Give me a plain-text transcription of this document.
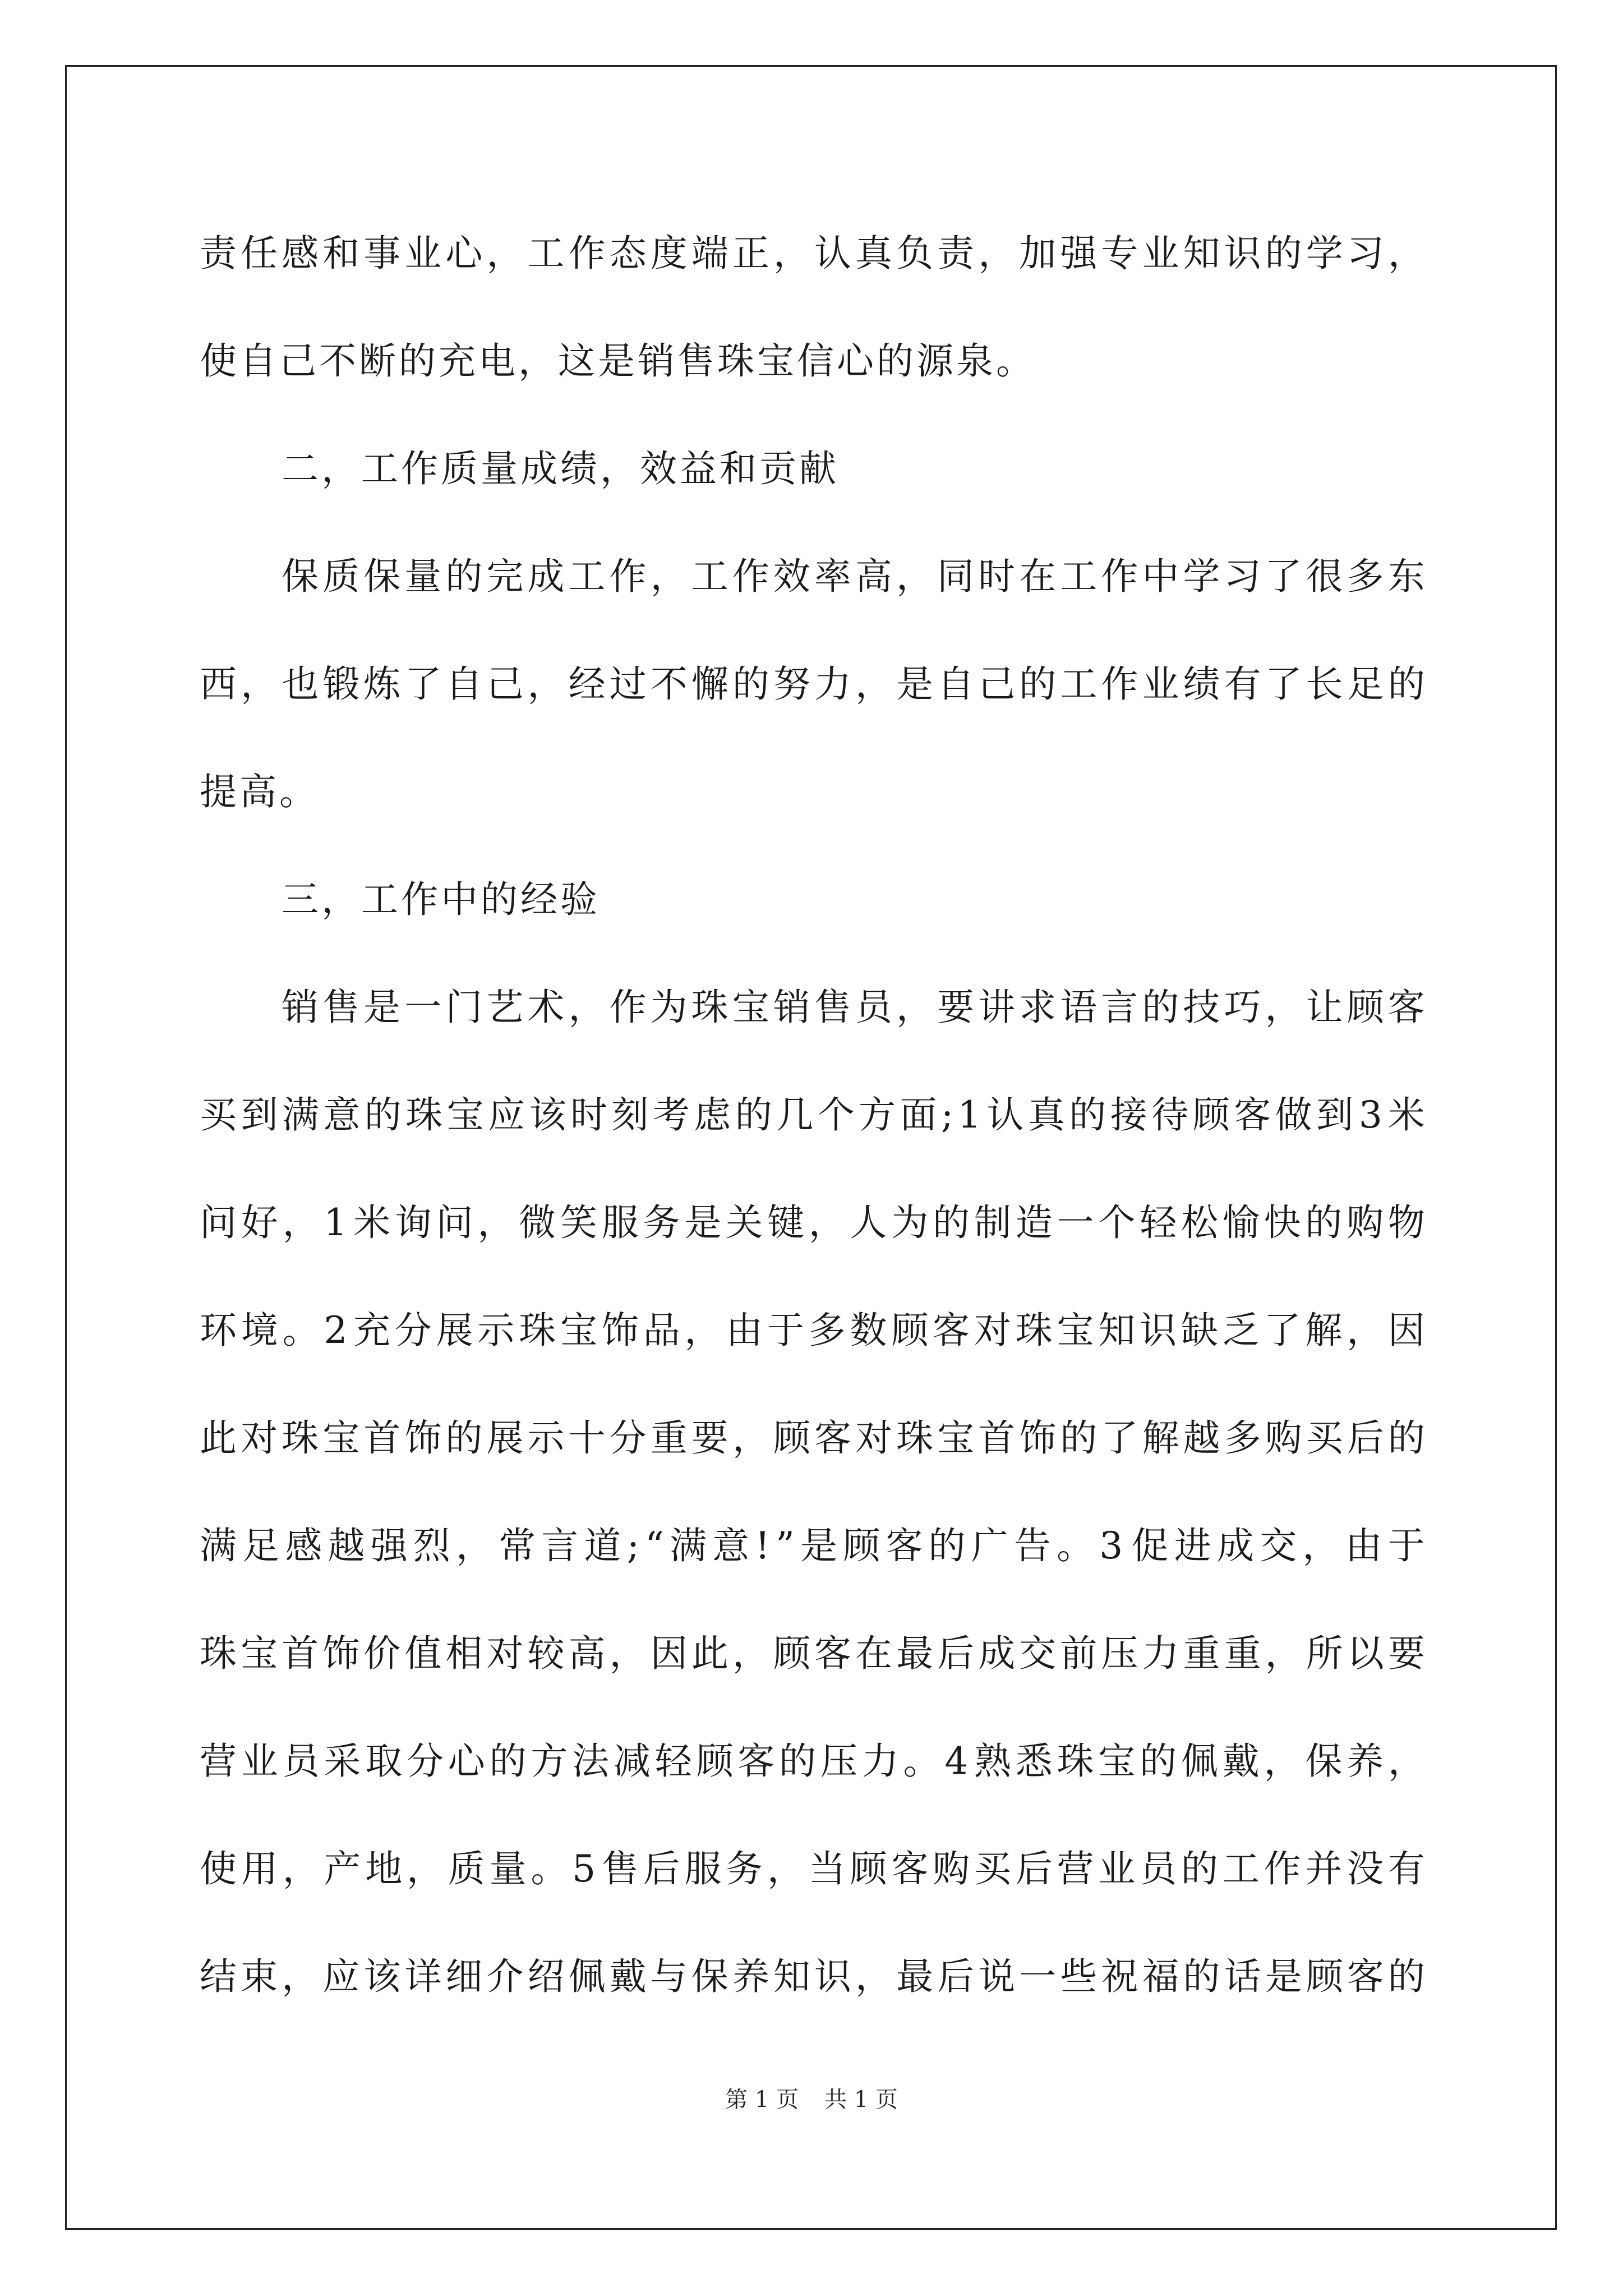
责 任 感 和 事 业 心 ， 工 作 态 度 端 正 ， 认 真 负 责 ， 加 强 专 业 知 识 的 学 习 ，
使自己不断的充电，这是销售珠宝信心的源泉。
二，工作质量成绩，效益和贡献
保 质 保 量 的 完 成 工 作 ， 工 作 效 率 高 ， 同 时 在 工 作 中 学 习 了 很 多 东
西 ， 也 锻 炼 了 自 己 ， 经 过 不 懈 的 努 力 ， 是 自 己 的 工 作 业 绩 有 了 长 足 的
提高。
三，工作中的经验
销 售 是 一 门 艺 术 ， 作 为 珠 宝 销 售 员 ， 要 讲 求 语 言 的 技 巧 ， 让 顾 客
买 到 满 意 的 珠 宝 应 该 时 刻 考 虑 的 几 个 方 面 ; 1 认 真 的 接 待 顾 客 做 到 3 米
问 好 ， 1 米 询 问 ， 微 笑 服 务 是 关 键 ， 人 为 的 制 造 一 个 轻 松 愉 快 的 购 物
环 境 。 2 充 分 展 示 珠 宝 饰 品 ， 由 于 多 数 顾 客 对 珠 宝 知 识 缺 乏 了 解 ， 因
此 对 珠 宝 首 饰 的 展 示 十 分 重 要 ， 顾 客 对 珠 宝 首 饰 的 了 解 越 多 购 买 后 的
满 足 感 越 强 烈 ， 常 言 道 ; “ 满 意 ! ” 是 顾 客 的 广 告 。 3 促 进 成 交 ， 由 于
珠 宝 首 饰 价 值 相 对 较 高 ， 因 此 ， 顾 客 在 最 后 成 交 前 压 力 重 重 ， 所 以 要
营 业 员 采 取 分 心 的 方 法 减 轻 顾 客 的 压 力 。 4 熟 悉 珠 宝 的 佩 戴 ， 保 养 ，
使 用 ， 产 地 ， 质 量 。 5 售 后 服 务 ， 当 顾 客 购 买 后 营 业 员 的 工 作 并 没 有
结 束 ， 应 该 详 细 介 绍 佩 戴 与 保 养 知 识 ， 最 后 说 一 些 祝 福 的 话 是 顾 客 的
第 1 页 共 1 页
